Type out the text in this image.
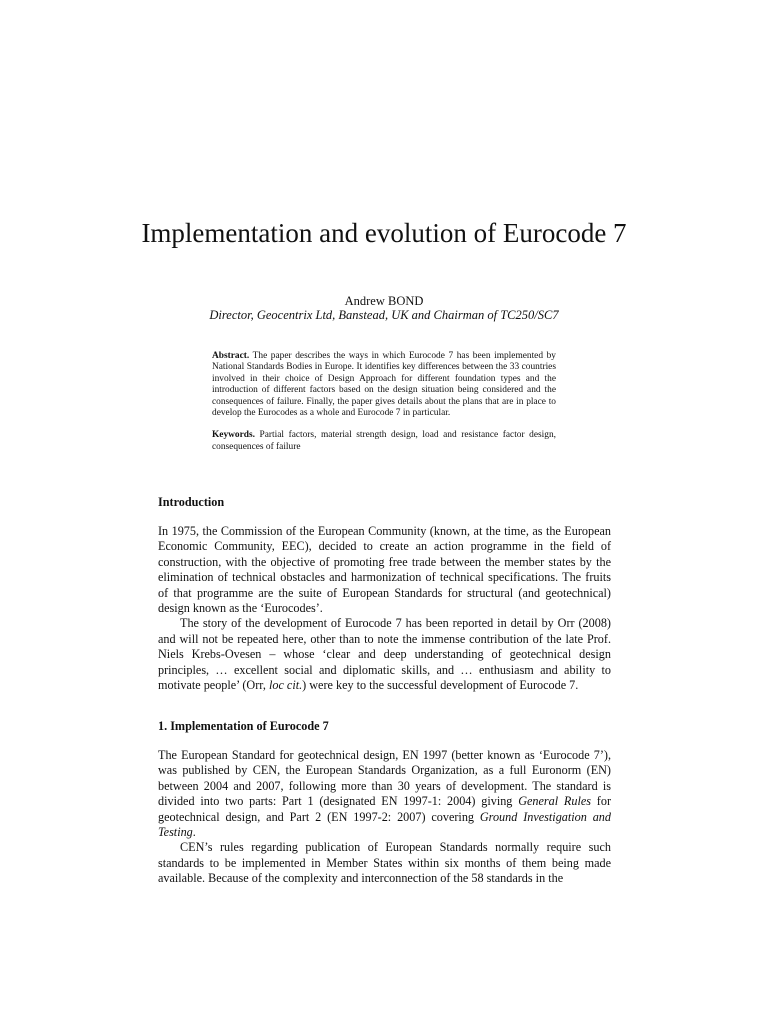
Implementation and evolution of Eurocode 7
Andrew BOND
Director, Geocentrix Ltd, Banstead, UK and Chairman of TC250/SC7

Abstract. The paper describes the ways in which Eurocode 7 has been implemented by National Standards Bodies in Europe. It identifies key differences between the 33 countries involved in their choice of Design Approach for different foundation types and the introduction of different factors based on the design situation being considered and the consequences of failure. Finally, the paper gives details about the plans that are in place to develop the Eurocodes as a whole and Eurocode 7 in particular.

Keywords. Partial factors, material strength design, load and resistance factor design, consequences of failure

Introduction

In 1975, the Commission of the European Community (known, at the time, as the European Economic Community, EEC), decided to create an action programme in the field of construction, with the objective of promoting free trade between the member states by the elimination of technical obstacles and harmonization of technical specifications. The fruits of that programme are the suite of European Standards for structural (and geotechnical) design known as the ‘Eurocodes’.

The story of the development of Eurocode 7 has been reported in detail by Orr (2008) and will not be repeated here, other than to note the immense contribution of the late Prof. Niels Krebs-Ovesen – whose ‘clear and deep understanding of geotechnical design principles, … excellent social and diplomatic skills, and … enthusiasm and ability to motivate people’ (Orr, loc cit.) were key to the successful development of Eurocode 7.

1. Implementation of Eurocode 7

The European Standard for geotechnical design, EN 1997 (better known as ‘Eurocode 7’), was published by CEN, the European Standards Organization, as a full Euronorm (EN) between 2004 and 2007, following more than 30 years of development. The standard is divided into two parts: Part 1 (designated EN 1997-1: 2004) giving General Rules for geotechnical design, and Part 2 (EN 1997-2: 2007) covering Ground Investigation and Testing.

CEN’s rules regarding publication of European Standards normally require such standards to be implemented in Member States within six months of them being made available. Because of the complexity and interconnection of the 58 standards in the
